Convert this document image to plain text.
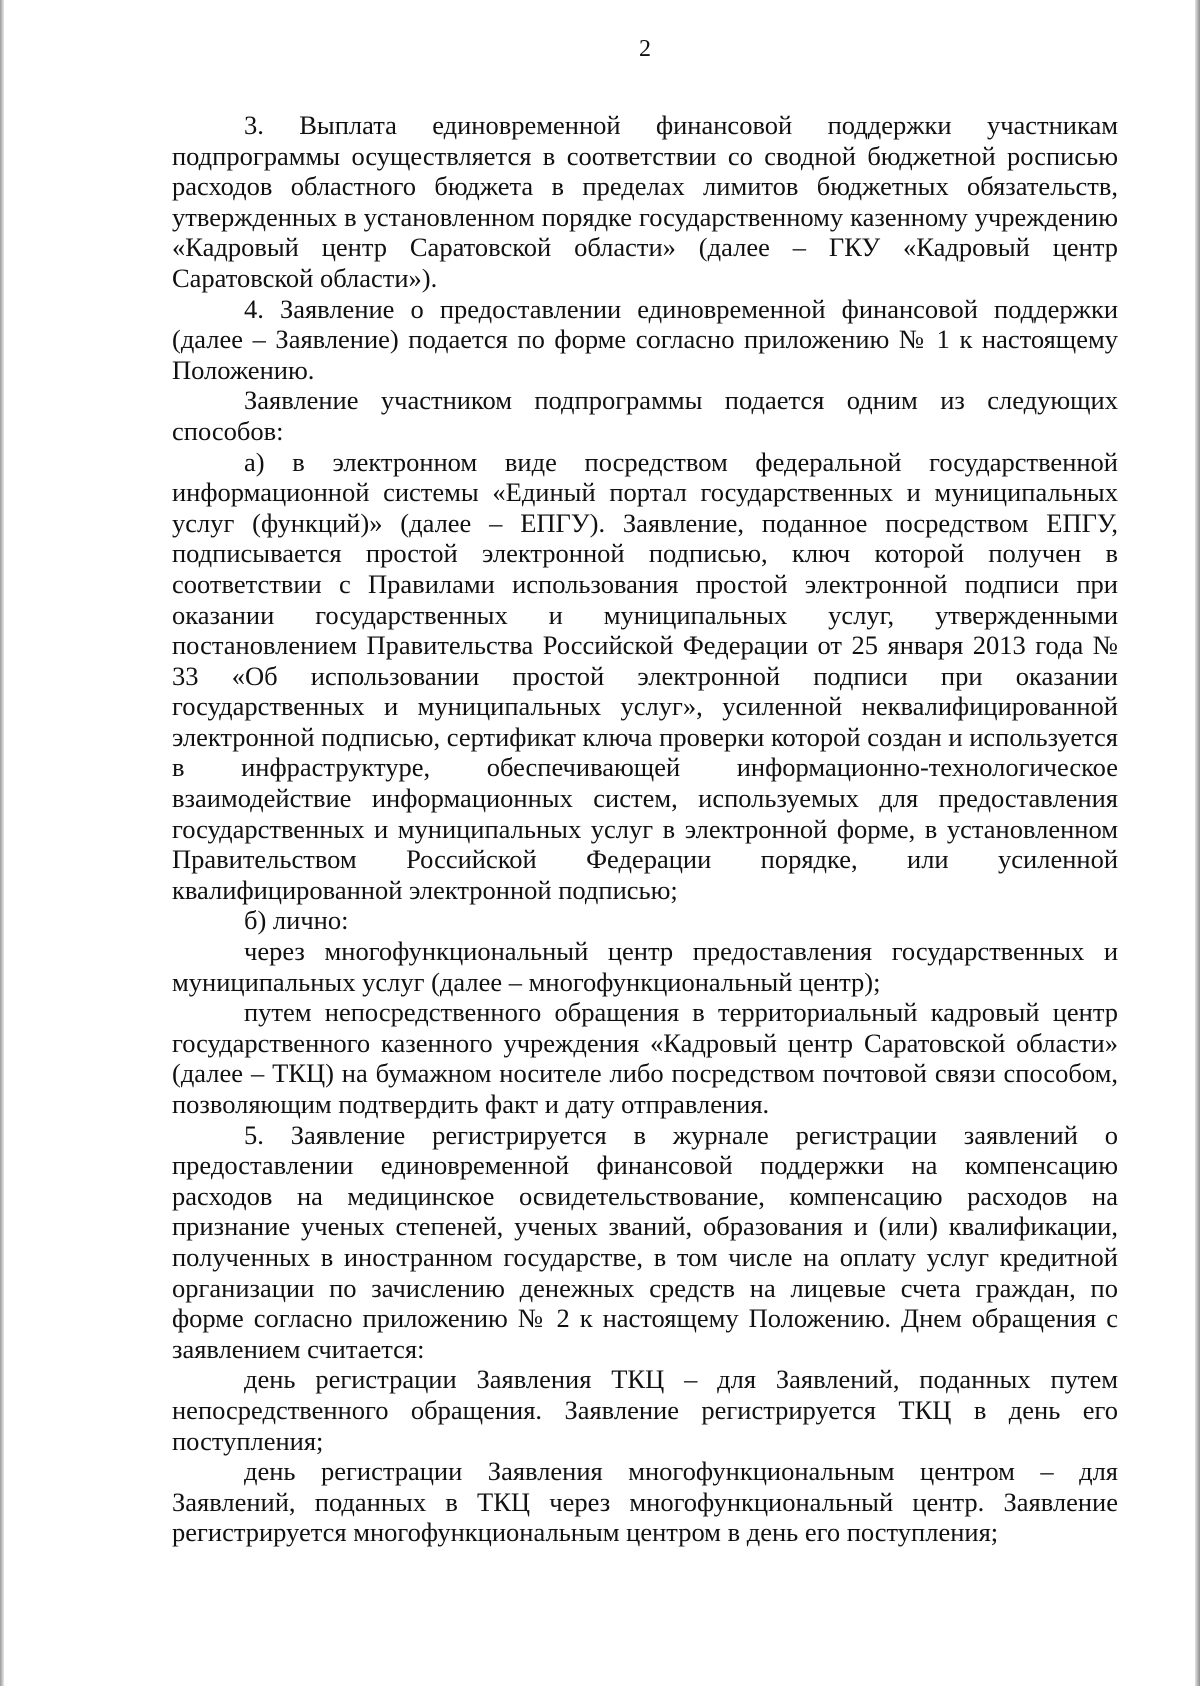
2

3. Выплата единовременной финансовой поддержки участникам подпрограммы осуществляется в соответствии со сводной бюджетной росписью расходов областного бюджета в пределах лимитов бюджетных обязательств, утвержденных в установленном порядке государственному казенному учреждению «Кадровый центр Саратовской области» (далее – ГКУ «Кадровый центр Саратовской области»).

4. Заявление о предоставлении единовременной финансовой поддержки (далее – Заявление) подается по форме согласно приложению № 1 к настоящему Положению.

Заявление участником подпрограммы подается одним из следующих способов:

а) в электронном виде посредством федеральной государственной информационной системы «Единый портал государственных и муниципальных услуг (функций)» (далее – ЕПГУ). Заявление, поданное посредством ЕПГУ, подписывается простой электронной подписью, ключ которой получен в соответствии с Правилами использования простой электронной подписи при оказании государственных и муниципальных услуг, утвержденными постановлением Правительства Российской Федерации от 25 января 2013 года № 33 «Об использовании простой электронной подписи при оказании государственных и муниципальных услуг», усиленной неквалифицированной электронной подписью, сертификат ключа проверки которой создан и используется в инфраструктуре, обеспечивающей информационно-технологическое взаимодействие информационных систем, используемых для предоставления государственных и муниципальных услуг в электронной форме, в установленном Правительством Российской Федерации порядке, или усиленной квалифицированной электронной подписью;

б) лично:

через многофункциональный центр предоставления государственных и муниципальных услуг (далее – многофункциональный центр);

путем непосредственного обращения в территориальный кадровый центр государственного казенного учреждения «Кадровый центр Саратовской области» (далее – ТКЦ) на бумажном носителе либо посредством почтовой связи способом, позволяющим подтвердить факт и дату отправления.

5. Заявление регистрируется в журнале регистрации заявлений о предоставлении единовременной финансовой поддержки на компенсацию расходов на медицинское освидетельствование, компенсацию расходов на признание ученых степеней, ученых званий, образования и (или) квалификации, полученных в иностранном государстве, в том числе на оплату услуг кредитной организации по зачислению денежных средств на лицевые счета граждан, по форме согласно приложению № 2 к настоящему Положению. Днем обращения с заявлением считается:

день регистрации Заявления ТКЦ – для Заявлений, поданных путем непосредственного обращения. Заявление регистрируется ТКЦ в день его поступления;

день регистрации Заявления многофункциональным центром – для Заявлений, поданных в ТКЦ через многофункциональный центр. Заявление регистрируется многофункциональным центром в день его поступления;
